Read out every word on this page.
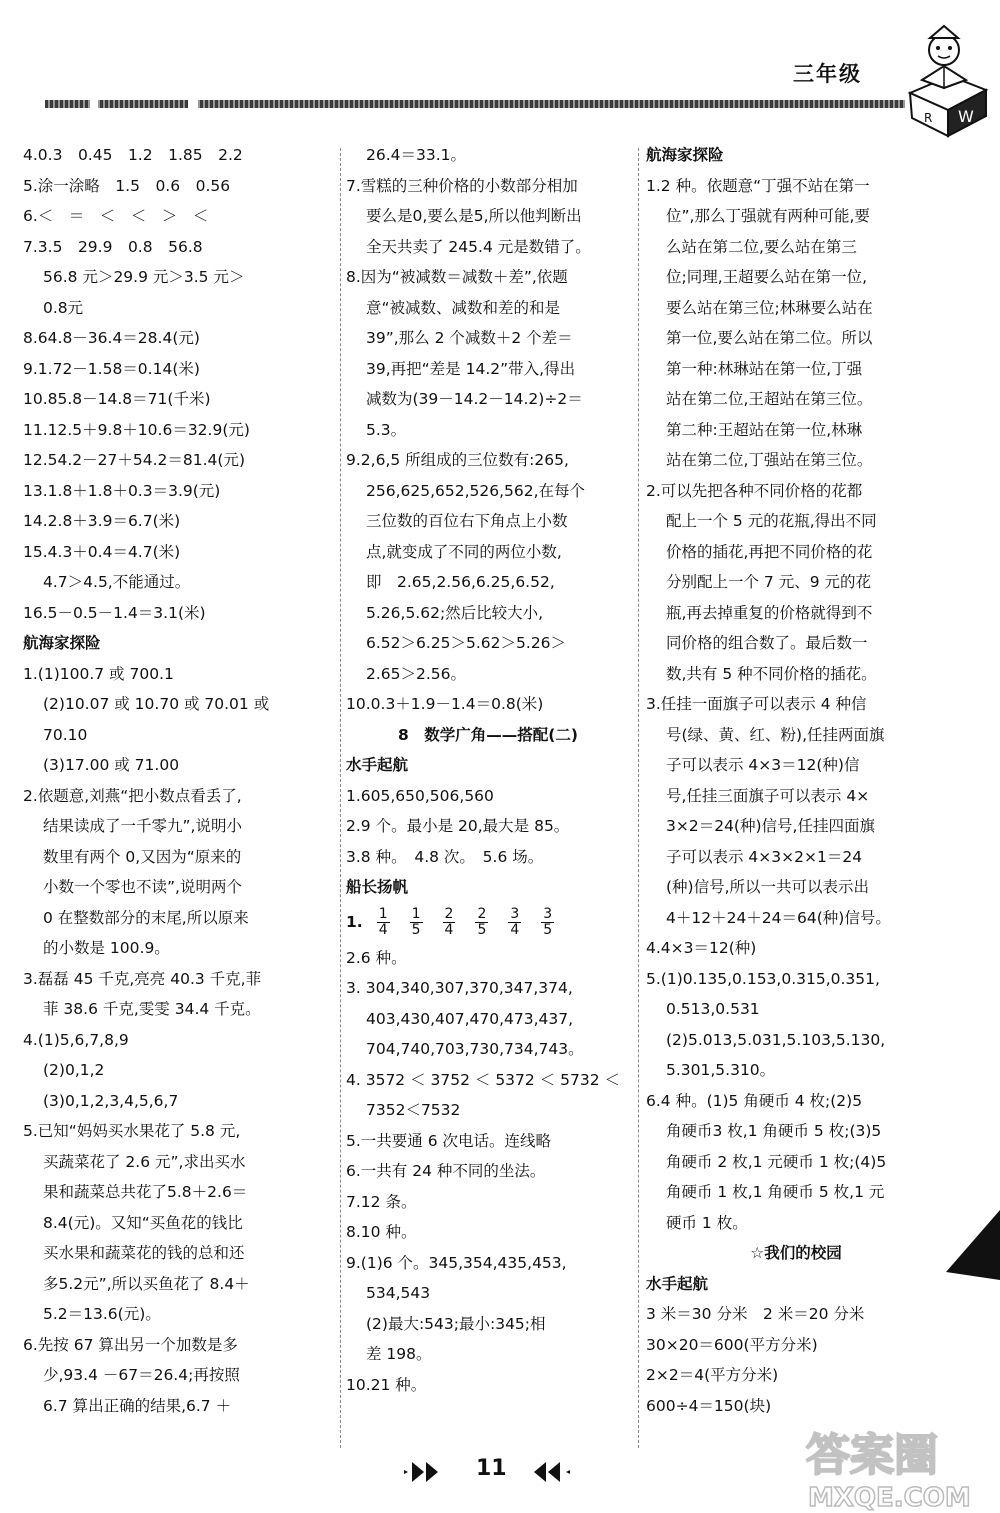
三年级
W
R
4.0.3　0.45　1.2　1.85　2.2
5.涂一涂略　1.5　0.6　0.56
6.＜　＝　＜　＜　＞　＜
7.3.5　29.9　0.8　56.8
56.8 元＞29.9 元＞3.5 元＞
0.8元
8.64.8－36.4＝28.4(元)
9.1.72－1.58＝0.14(米)
10.85.8－14.8＝71(千米)
11.12.5＋9.8＋10.6＝32.9(元)
12.54.2－27＋54.2＝81.4(元)
13.1.8＋1.8＋0.3＝3.9(元)
14.2.8＋3.9＝6.7(米)
15.4.3＋0.4＝4.7(米)
4.7＞4.5,不能通过。
16.5－0.5－1.4＝3.1(米)
航海家探险
1.(1)100.7 或 700.1
(2)10.07 或 10.70 或 70.01 或
70.10
(3)17.00 或 71.00
2.依题意,刘燕“把小数点看丢了,
结果读成了一千零九”,说明小
数里有两个 0,又因为“原来的
小数一个零也不读”,说明两个
0 在整数部分的末尾,所以原来
的小数是 100.9。
3.磊磊 45 千克,亮亮 40.3 千克,菲
菲 38.6 千克,雯雯 34.4 千克。
4.(1)5,6,7,8,9
(2)0,1,2
(3)0,1,2,3,4,5,6,7
5.已知“妈妈买水果花了 5.8 元,
买蔬菜花了 2.6 元”,求出买水
果和蔬菜总共花了5.8＋2.6＝
8.4(元)。又知“买鱼花的钱比
买水果和蔬菜花的钱的总和还
多5.2元”,所以买鱼花了 8.4＋
5.2＝13.6(元)。
6.先按 67 算出另一个加数是多
少,93.4 －67＝26.4;再按照
6.7 算出正确的结果,6.7 ＋
26.4＝33.1。
7.雪糕的三种价格的小数部分相加
要么是0,要么是5,所以他判断出
全天共卖了 245.4 元是数错了。
8.因为“被减数＝减数＋差”,依题
意“被减数、减数和差的和是
39”,那么 2 个减数＋2 个差＝
39,再把“差是 14.2”带入,得出
减数为(39－14.2－14.2)÷2＝
5.3。
9.2,6,5 所组成的三位数有:265,
256,625,652,526,562,在每个
三位数的百位右下角点上小数
点,就变成了不同的两位小数,
即　2.65,2.56,6.25,6.52,
5.26,5.62;然后比较大小,
6.52＞6.25＞5.62＞5.26＞
2.65＞2.56。
10.0.3＋1.9－1.4＝0.8(米)
8　数学广角——搭配(二)
水手起航
1.605,650,506,560
2.9 个。最小是 20,最大是 85。
3.8 种。　4.8 次。　5.6 场。
船长扬帆
1. $\frac{1}{4} \frac{1}{5} \frac{2}{4} \frac{2}{5} \frac{3}{4} \frac{3}{5}$
2.6 种。
3. 304,340,307,370,347,374,
403,430,407,470,473,437,
704,740,703,730,734,743。
4. 3572 ＜ 3752 ＜ 5372 ＜ 5732 ＜
7352＜7532
5.一共要通 6 次电话。连线略
6.一共有 24 种不同的坐法。
7.12 条。
8.10 种。
9.(1)6 个。345,354,435,453,
534,543
(2)最大:543;最小:345;相
差 198。
10.21 种。
航海家探险
1.2 种。依题意“丁强不站在第一
位”,那么丁强就有两种可能,要
么站在第二位,要么站在第三
位;同理,王超要么站在第一位,
要么站在第三位;林琳要么站在
第一位,要么站在第二位。所以
第一种:林琳站在第一位,丁强
站在第二位,王超站在第三位。
第二种:王超站在第一位,林琳
站在第二位,丁强站在第三位。
2.可以先把各种不同价格的花都
配上一个 5 元的花瓶,得出不同
价格的插花,再把不同价格的花
分别配上一个 7 元、9 元的花
瓶,再去掉重复的价格就得到不
同价格的组合数了。最后数一
数,共有 5 种不同价格的插花。
3.任挂一面旗子可以表示 4 种信
号(绿、黄、红、粉),任挂两面旗
子可以表示 4×3＝12(种)信
号,任挂三面旗子可以表示 4×
3×2＝24(种)信号,任挂四面旗
子可以表示 4×3×2×1＝24
(种)信号,所以一共可以表示出
4＋12＋24＋24＝64(种)信号。
4.4×3＝12(种)
5.(1)0.135,0.153,0.315,0.351,
0.513,0.531
(2)5.013,5.031,5.103,5.130,
5.301,5.310。
6.4 种。(1)5 角硬币 4 枚;(2)5
角硬币3 枚,1 角硬币 5 枚;(3)5
角硬币 2 枚,1 元硬币 1 枚;(4)5
角硬币 1 枚,1 角硬币 5 枚,1 元
硬币 1 枚。
☆我们的校园
水手起航
3 米＝30 分米　2 米＝20 分米
30×20＝600(平方分米)
2×2＝4(平方分米)
600÷4＝150(块)
11	答案圈
MXQE.COM
